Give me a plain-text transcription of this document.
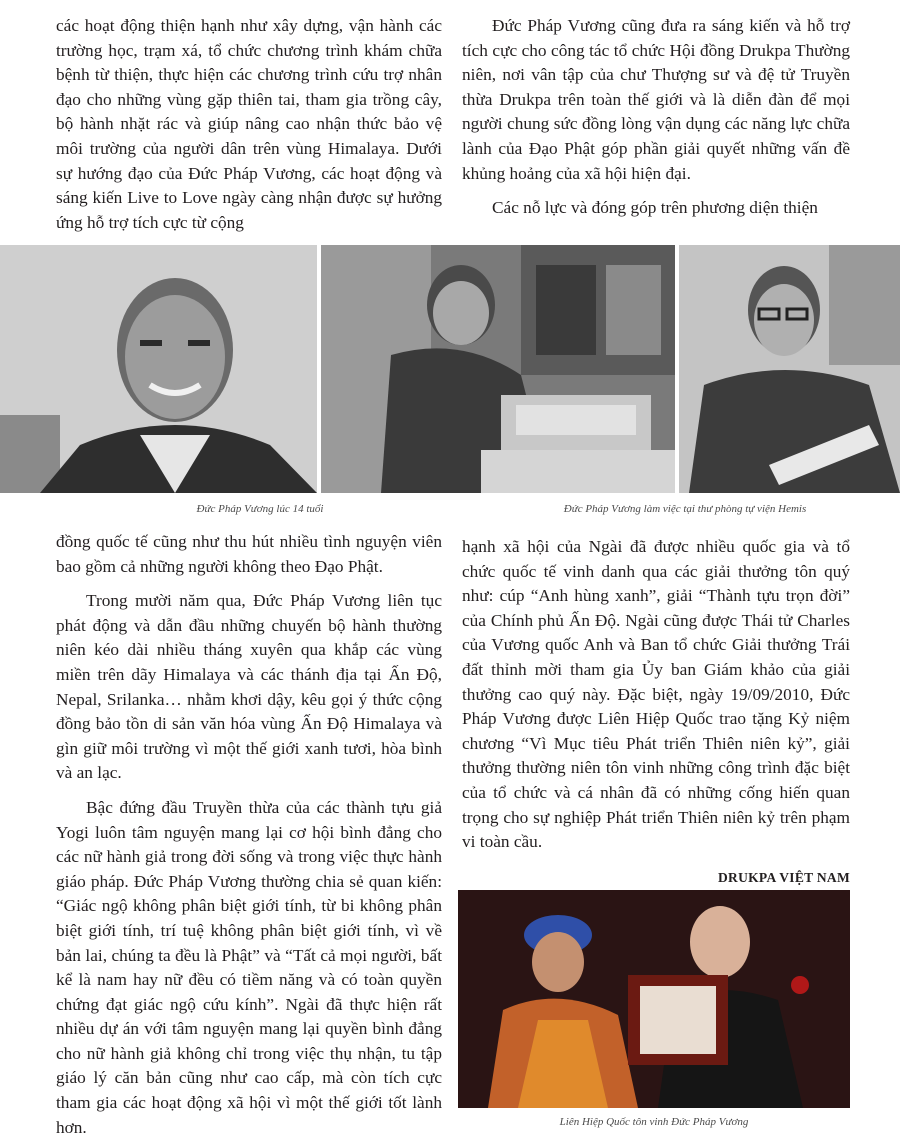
các hoạt động thiện hạnh như xây dựng, vận hành các trường học, trạm xá, tổ chức chương trình khám chữa bệnh từ thiện, thực hiện các chương trình cứu trợ nhân đạo cho những vùng gặp thiên tai, tham gia trồng cây, bộ hành nhặt rác và giúp nâng cao nhận thức bảo vệ môi trường của người dân trên vùng Himalaya. Dưới sự hướng đạo của Đức Pháp Vương, các hoạt động và sáng kiến Live to Love ngày càng nhận được sự hưởng ứng hỗ trợ tích cực từ cộng

Đức Pháp Vương cũng đưa ra sáng kiến và hỗ trợ tích cực cho công tác tổ chức Hội đồng Drukpa Thường niên, nơi vân tập của chư Thượng sư và đệ tử Truyền thừa Drukpa trên toàn thế giới và là diễn đàn để mọi người chung sức đồng lòng vận dụng các năng lực chữa lành của Đạo Phật góp phần giải quyết những vấn đề khủng hoảng của xã hội hiện đại.

Các nỗ lực và đóng góp trên phương diện thiện

Đức Pháp Vương lúc 14 tuổi	Đức Pháp Vương làm việc tại thư phòng tự viện Hemis

đồng quốc tế cũng như thu hút nhiều tình nguyện viên bao gồm cả những người không theo Đạo Phật.

Trong mười năm qua, Đức Pháp Vương liên tục phát động và dẫn đầu những chuyến bộ hành thường niên kéo dài nhiều tháng xuyên qua khắp các vùng miền trên dãy Himalaya và các thánh địa tại Ấn Độ, Nepal, Srilanka… nhằm khơi dậy, kêu gọi ý thức cộng đồng bảo tồn di sản văn hóa vùng Ấn Độ Himalaya và gìn giữ môi trường vì một thế giới xanh tươi, hòa bình và an lạc.

Bậc đứng đầu Truyền thừa của các thành tựu giả Yogi luôn tâm nguyện mang lại cơ hội bình đẳng cho các nữ hành giả trong đời sống và trong việc thực hành giáo pháp. Đức Pháp Vương thường chia sẻ quan kiến: “Giác ngộ không phân biệt giới tính, từ bi không phân biệt giới tính, trí tuệ không phân biệt giới tính, vì về bản lai, chúng ta đều là Phật” và “Tất cả mọi người, bất kể là nam hay nữ đều có tiềm năng và có toàn quyền chứng đạt giác ngộ cứu kính”. Ngài đã thực hiện rất nhiều dự án với tâm nguyện mang lại quyền bình đẳng cho nữ hành giả không chỉ trong việc thụ nhận, tu tập giáo lý căn bản cũng như cao cấp, mà còn tích cực tham gia các hoạt động xã hội vì một thế giới tốt lành hơn.

hạnh xã hội của Ngài đã được nhiều quốc gia và tổ chức quốc tế vinh danh qua các giải thưởng tôn quý như: cúp “Anh hùng xanh”, giải “Thành tựu trọn đời” của Chính phủ Ấn Độ. Ngài cũng được Thái tử Charles của Vương quốc Anh và Ban tổ chức Giải thưởng Trái đất thỉnh mời tham gia Ủy ban Giám khảo của giải thưởng cao quý này. Đặc biệt, ngày 19/09/2010, Đức Pháp Vương được Liên Hiệp Quốc trao tặng Kỷ niệm chương “Vì Mục tiêu Phát triển Thiên niên kỷ”, giải thưởng thường niên tôn vinh những công trình đặc biệt của tổ chức và cá nhân đã có những cống hiến quan trọng cho sự nghiệp Phát triển Thiên niên kỷ trên phạm vi toàn cầu.

DRUKPA VIỆT NAM
Liên Hiệp Quốc tôn vinh Đức Pháp Vương
